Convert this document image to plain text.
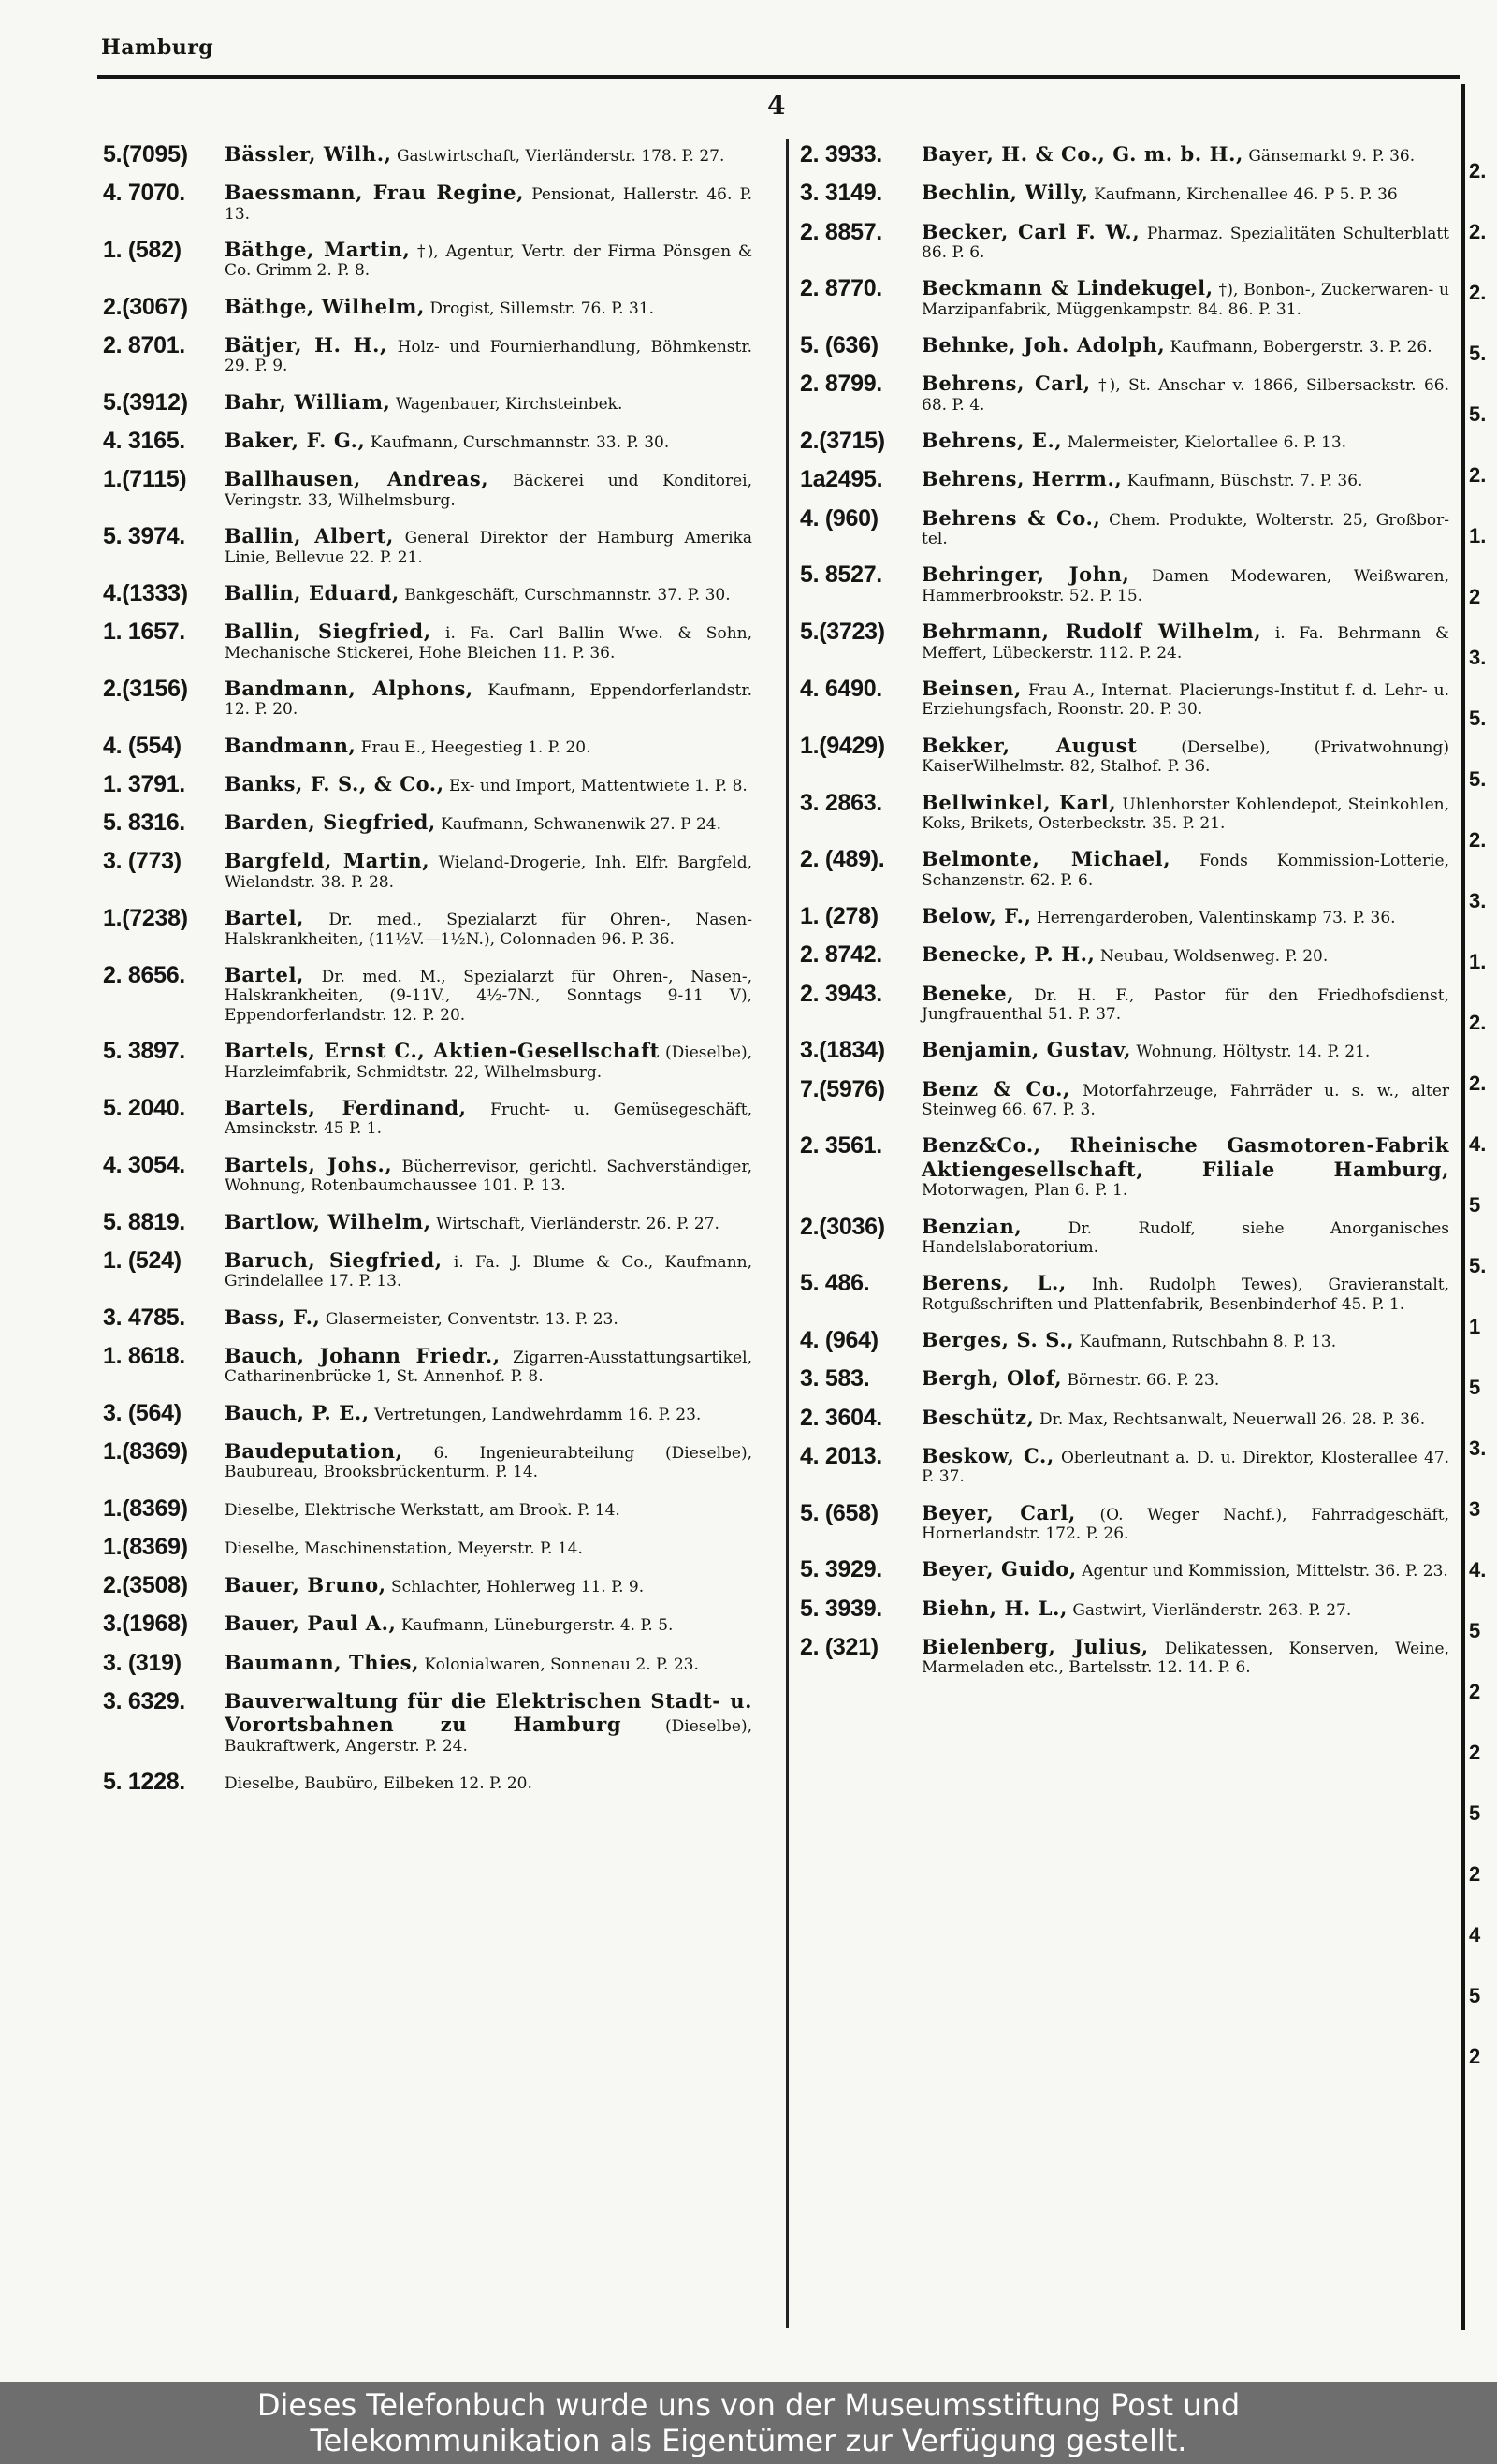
Hamburg
4
5.(7095)	Bässler, Wilh., Gastwirtschaft, Vierländerstr. 178. P. 27.
4. 7070.	Baessmann, Frau Regine, Pensionat, Hallerstr. 46. P. 13.
1. (582)	Bäthge, Martin, †), Agentur, Vertr. der Firma Pönsgen & Co. Grimm 2. P. 8.
2.(3067)	Bäthge, Wilhelm, Drogist, Sillemstr. 76. P. 31.
2. 8701.	Bätjer, H. H., Holz- und Fournierhandlung, Böhmkenstr. 29. P. 9.
5.(3912)	Bahr, William, Wagenbauer, Kirchsteinbek.
4. 3165.	Baker, F. G., Kaufmann, Curschmannstr. 33. P. 30.
1.(7115)	Ballhausen, Andreas, Bäckerei und Konditorei, Veringstr. 33, Wilhelmsburg.
5. 3974.	Ballin, Albert, General Direktor der Hamburg Amerika Linie, Bellevue 22. P. 21.
4.(1333)	Ballin, Eduard, Bankgeschäft, Curschmannstr. 37. P. 30.
1. 1657.	Ballin, Siegfried, i. Fa. Carl Ballin Wwe. & Sohn, Mechanische Stickerei, Hohe Bleichen 11. P. 36.
2.(3156)	Bandmann, Alphons, Kaufmann, Eppendorferlandstr. 12. P. 20.
4. (554)	Bandmann, Frau E., Heegestieg 1. P. 20.
1. 3791.	Banks, F. S., & Co., Ex- und Import, Mattentwiete 1. P. 8.
5. 8316.	Barden, Siegfried, Kaufmann, Schwanenwik 27. P 24.
3. (773)	Bargfeld, Martin, Wieland-Drogerie, Inh. Elfr. Bargfeld, Wielandstr. 38. P. 28.
1.(7238)	Bartel, Dr. med., Spezialarzt für Ohren-, Nasen- Halskrankheiten, (11½V.—1½N.), Colonnaden 96. P. 36.
2. 8656.	Bartel, Dr. med. M., Spezialarzt für Ohren-, Nasen-, Halskrankheiten, (9-11V., 4½-7N., Sonntags 9-11 V), Eppendorferlandstr. 12. P. 20.
5. 3897.	Bartels, Ernst C., Aktien-Gesellschaft (Dieselbe), Harzleimfabrik, Schmidtstr. 22, Wilhelmsburg.
5. 2040.	Bartels, Ferdinand, Frucht- u. Gemüsegeschäft, Amsinckstr. 45 P. 1.
4. 3054.	Bartels, Johs., Bücherrevisor, gerichtl. Sachverständiger, Wohnung, Rotenbaumchaussee 101. P. 13.
5. 8819.	Bartlow, Wilhelm, Wirtschaft, Vierländerstr. 26. P. 27.
1. (524)	Baruch, Siegfried, i. Fa. J. Blume & Co., Kaufmann, Grindelallee 17. P. 13.
3. 4785.	Bass, F., Glasermeister, Conventstr. 13. P. 23.
1. 8618.	Bauch, Johann Friedr., Zigarren-Ausstattungsartikel, Catharinenbrücke 1, St. Annenhof. P. 8.
3. (564)	Bauch, P. E., Vertretungen, Landwehrdamm 16. P. 23.
1.(8369)	Baudeputation, 6. Ingenieurabteilung (Dieselbe), Baubureau, Brooksbrückenturm. P. 14.
1.(8369)	Dieselbe, Elektrische Werkstatt, am Brook. P. 14.
1.(8369)	Dieselbe, Maschinenstation, Meyerstr. P. 14.
2.(3508)	Bauer, Bruno, Schlachter, Hohlerweg 11. P. 9.
3.(1968)	Bauer, Paul A., Kaufmann, Lüneburgerstr. 4. P. 5.
3. (319)	Baumann, Thies, Kolonialwaren, Sonnenau 2. P. 23.
3. 6329.	Bauverwaltung für die Elektrischen Stadt- u. Vorortsbahnen zu Hamburg	(Dieselbe), Baukraftwerk, Angerstr. P. 24.
5. 1228.	Dieselbe, Baubüro, Eilbeken 12. P. 20.
2. 3933.	Bayer, H. & Co., G. m. b. H., Gänsemarkt 9. P. 36.
3. 3149.	Bechlin, Willy, Kaufmann, Kirchenallee 46. P 5. P. 36
2. 8857.	Becker, Carl F. W., Pharmaz. Spezialitäten Schulterblatt 86. P. 6.
2. 8770.	Beckmann & Lindekugel, †), Bonbon-, Zuckerwaren- u Marzipanfabrik, Müggenkampstr. 84. 86. P. 31.
5. (636)	Behnke, Joh. Adolph, Kaufmann, Bobergerstr. 3. P. 26.
2. 8799.	Behrens, Carl, †), St. Anschar v. 1866, Silbersackstr. 66. 68. P. 4.
2.(3715)	Behrens, E., Malermeister, Kielortallee 6. P. 13.
1a2495.	Behrens, Herrm., Kaufmann, Büschstr. 7. P. 36.
4. (960)	Behrens & Co., Chem. Produkte, Wolterstr. 25, Großbor-tel.
5. 8527.	Behringer, John, Damen Modewaren, Weißwaren, Hammerbrookstr. 52. P. 15.
5.(3723)	Behrmann, Rudolf Wilhelm, i. Fa. Behrmann & Meffert, Lübeckerstr. 112. P. 24.
4. 6490.	Beinsen, Frau A., Internat. Placierungs-Institut f. d. Lehr- u. Erziehungsfach, Roonstr. 20. P. 30.
1.(9429)	Bekker, August	(Derselbe), (Privatwohnung) KaiserWilhelmstr. 82, Stalhof. P. 36.
3. 2863.	Bellwinkel, Karl, Uhlenhorster Kohlendepot, Steinkohlen, Koks, Brikets, Osterbeckstr. 35. P. 21.
2. (489).	Belmonte, Michael, Fonds Kommission-Lotterie, Schanzenstr. 62. P. 6.
1. (278)	Below, F., Herrengarderoben, Valentinskamp 73. P. 36.
2. 8742.	Benecke, P. H., Neubau, Woldsenweg. P. 20.
2. 3943.	Beneke, Dr. H. F., Pastor für den Friedhofsdienst, Jungfrauenthal 51. P. 37.
3.(1834)	Benjamin, Gustav, Wohnung, Höltystr. 14. P. 21.
7.(5976)	Benz & Co., Motorfahrzeuge, Fahrräder u. s. w., alter Steinweg 66. 67. P. 3.
2. 3561.	Benz&Co., Rheinische Gasmotoren-Fabrik Aktiengesellschaft, Filiale Hamburg, Motorwagen, Plan 6. P. 1.
2.(3036)	Benzian,	Dr. Rudolf, siehe Anorganisches Handelslaboratorium.
5. 486.	Berens, L., Inh. Rudolph Tewes), Gravieranstalt, Rotgußschriften und Plattenfabrik, Besenbinderhof 45. P. 1.
4. (964)	Berges, S. S., Kaufmann, Rutschbahn 8. P. 13.
3. 583.	Bergh, Olof, Börnestr. 66. P. 23.
2. 3604.	Beschütz, Dr. Max, Rechtsanwalt, Neuerwall 26. 28. P. 36.
4. 2013.	Beskow, C., Oberleutnant a. D. u. Direktor, Klosterallee 47. P. 37.
5. (658)	Beyer, Carl, (O. Weger Nachf.), Fahrradgeschäft, Hornerlandstr. 172. P. 26.
5. 3929.	Beyer, Guido, Agentur und Kommission, Mittelstr. 36. P. 23.
5. 3939.	Biehn, H. L., Gastwirt, Vierländerstr. 263. P. 27.
2. (321)	Bielenberg, Julius, Delikatessen, Konserven, Weine, Marmeladen etc., Bartelsstr. 12. 14. P. 6.
2.
2.
2.
5.
5.
2.
1.
2
3.
5.
5.
2.
3.
1.
2.
2.
4.
5
5.
1
5
3.
3
4.
5
2
2
5
2
4
5
2
Dieses Telefonbuch wurde uns von der Museumsstiftung Post und
Telekommunikation als Eigentümer zur Verfügung gestellt.
